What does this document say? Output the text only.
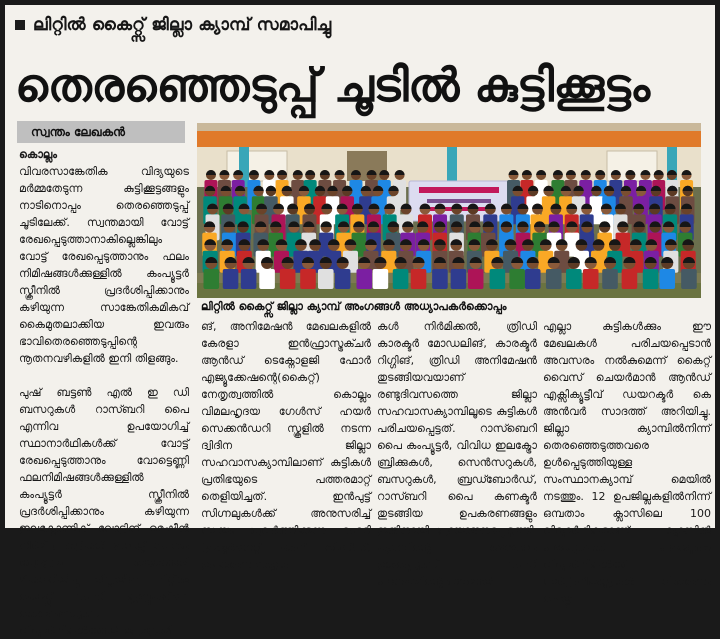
ലിറ്റിൽ കൈറ്റ്സ് ജില്ലാ ക്യാമ്പ് സമാപിച്ചു
തെരഞ്ഞെടുപ്പ് ചൂടിൽ കുട്ടിക്കൂട്ടം
സ്വന്തം ലേഖകൻ

കൊല്ലം
വിവരസാങ്കേതിക വിദ്യയുടെ മർമ്മതേടുന്ന കുട്ടിക്കൂട്ടങ്ങളും നാടിനൊപ്പം തെരഞ്ഞെടുപ്പ് ചൂടിലേക്ക്. സ്വന്തമായി വോട്ട് രേഖപ്പെടുത്താനാകില്ലെങ്കിലും വോട്ട് രേഖപ്പെടുത്താനും ഫലം നിമിഷങ്ങൾക്കുള്ളിൽ കംപ്യൂട്ടർ സ്ക്രീനിൽ പ്രദർശിപ്പിക്കാനും കഴിയുന്ന സാങ്കേതികമികവ് കൈമുതലാക്കിയ ഇവരും ഭാവിതെരഞ്ഞെടുപ്പിന്റെ നൂതനവഴികളിൽ ഇനി തിളങ്ങും.

പുഷ് ബട്ടൺ എൽ ഇ ഡി ബസറുകൾ റാസ്ബറി പൈ എന്നിവ ഉപയോഗിച്ച് സ്ഥാനാർഥികൾക്ക് വോട്ട് രേഖപ്പെടുത്താനും വോട്ടെണ്ണി ഫലനിമിഷങ്ങൾക്കുള്ളിൽ കംപ്യൂട്ടർ സ്ക്രീനിൽ പ്രദർശിപ്പിക്കാനും കഴിയുന്ന ഇലക്ട്രോണിക് വോട്ടിങ് മെഷീൻ നിർമിച്ച കുട്ടികൾ ഇവയ്ക്ക് സ്വന്തം പ്രോഗ്രാം തയ്യാറാക്കി മികവറിയിച്ചു. ജില്ലയിലെ ലിറ്റിൽ കൈറ്റ്സ് ഐടി ക്ലബ്ബുകളിലെ തെരഞ്ഞെടുത്ത വിദ്യാർഥികൾക്കായി പ്രോഗ്രാമി

ലിറ്റിൽ കൈറ്റ്സ് ജില്ലാ ക്യാമ്പ് അംഗങ്ങൾ അധ്യാപകർക്കൊപ്പം

ങ്, അനിമേഷൻ മേഖലകളിൽ കേരളാ ഇൻഫ്രാസ്ട്രക്ചർ ആൻഡ് ടെക്നോളജി ഫോർ എജ്യൂക്കേഷന്റെ(കൈറ്റ്) നേതൃത്വത്തിൽ കൊല്ലം വിമലഹൃദയ ഗേൾസ് ഹയർ സെക്കൻഡറി സ്കൂളിൽ നടന്ന ദ്വിദിന ജില്ലാ സഹവാസക്യാമ്പിലാണ് കുട്ടികൾ പ്രതിഭയുടെ പത്തരമാറ്റ് തെളിയിച്ചത്. ഇൻപുട്ട് സിഗ്നലുകൾക്ക് അനുസരിച്ച് സ്വയം പ്രവർത്തിക്കുന്ന ഐടി (ഇന്റർനെറ്റ് ഓഫ് തിംഗ്സ്) ഉപകരണ മാതൃക

കൾ നിർമിക്കൽ, ത്രിഡി കാരക്ടർ മോഡലിങ്, കാരക്ടർ റിഗ്ഗിങ്, ത്രിഡി അനിമേഷൻ തുടങ്ങിയവയാണ് രണ്ടുദിവസത്തെ ജില്ലാ സഹവാസക്യാമ്പിലൂടെ കുട്ടികൾ പരിചയപ്പെട്ടത്. റാസ്ബെറി പൈ കംപ്യൂട്ടർ, വിവിധ ഇലക്ട്രോ ബ്രിക്കുകൾ, സെൻസറുകൾ, ബസറുകൾ, ബ്രഡ്ബോർഡ്, റാസ്ബറി പൈ കണക്ടർ തുടങ്ങിയ ഉപകരണങ്ങളും ഇതിനായി പ്രയോജനപ്പെടുത്തി. ക്യാമ്പിന്റെ അനുഭവം ഉൾപ്പെടുത്തി ഐടി പഠനത്തിന്റെ ഭാഗമായി

എല്ലാ കുട്ടികൾക്കും ഈ മേഖലകൾ പരിചയപ്പെടാൻ അവസരം നൽകുമെന്ന് കൈറ്റ് വൈസ് ചെയർമാൻ ആൻഡ് എക്സിക്യൂട്ടീവ് ഡയറക്ടർ കെ അൻവർ സാദത്ത് അറിയിച്ചു. ജില്ലാ ക്യാമ്പിൽനിന്ന് തെരഞ്ഞെടുത്തവരെ ഉൾപ്പെടുത്തിയുള്ള സംസ്ഥാനക്യാമ്പ് മെയിൽ നടത്തും. 12 ഉപജില്ലകളിൽനിന്ന് ഒമ്പതാം ക്ലാസിലെ 100 വിദ്യാർഥികളാണ് ക്യാമ്പിൽ പങ്കെടുത്തത്. പങ്കെടുത്ത വിദ്യാർഥികൾക്ക് സർട്ടിഫിക്കറ്റുകൾ വിതരണം ചെയ്തു.
